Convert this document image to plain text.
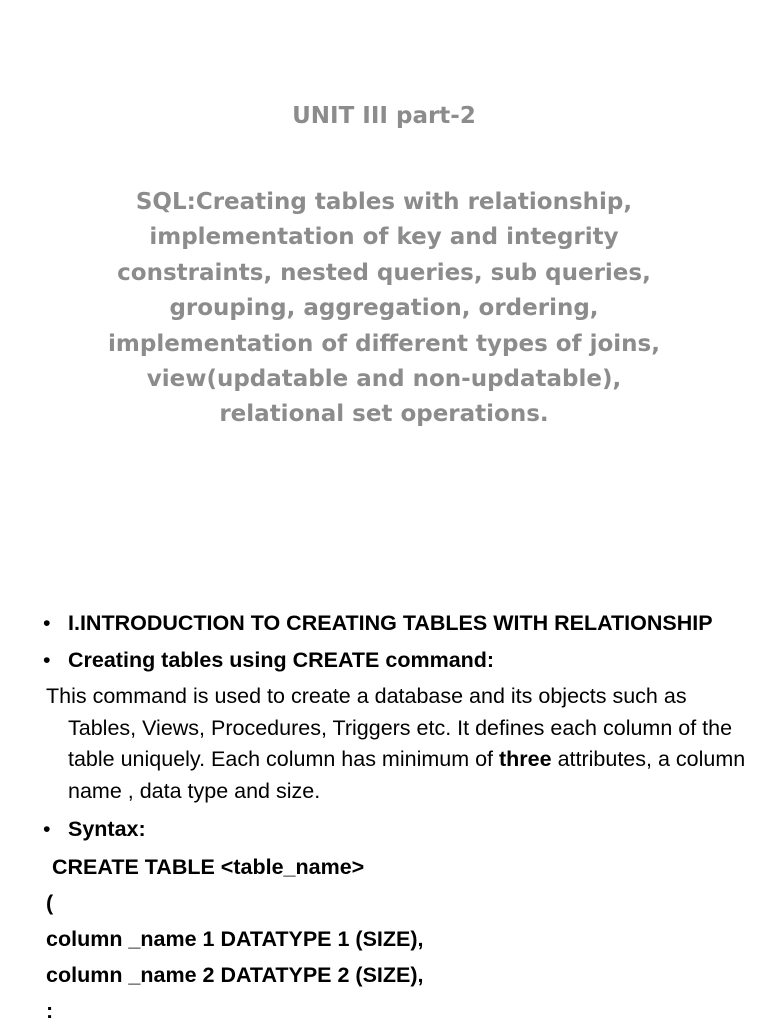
UNIT III part-2
SQL:Creating tables with relationship, implementation of key and integrity constraints, nested queries, sub queries, grouping, aggregation, ordering, implementation of different types of joins, view(updatable and non-updatable), relational set operations.
• I.INTRODUCTION TO CREATING TABLES WITH RELATIONSHIP
• Creating tables using CREATE command:
This command is used to create a database and its objects such as Tables, Views, Procedures, Triggers etc. It defines each column of the table uniquely. Each column has minimum of three attributes, a column name , data type and size.
• Syntax:
CREATE TABLE <table_name>
(
column _name 1 DATATYPE 1 (SIZE),
column _name 2 DATATYPE 2 (SIZE),
:
